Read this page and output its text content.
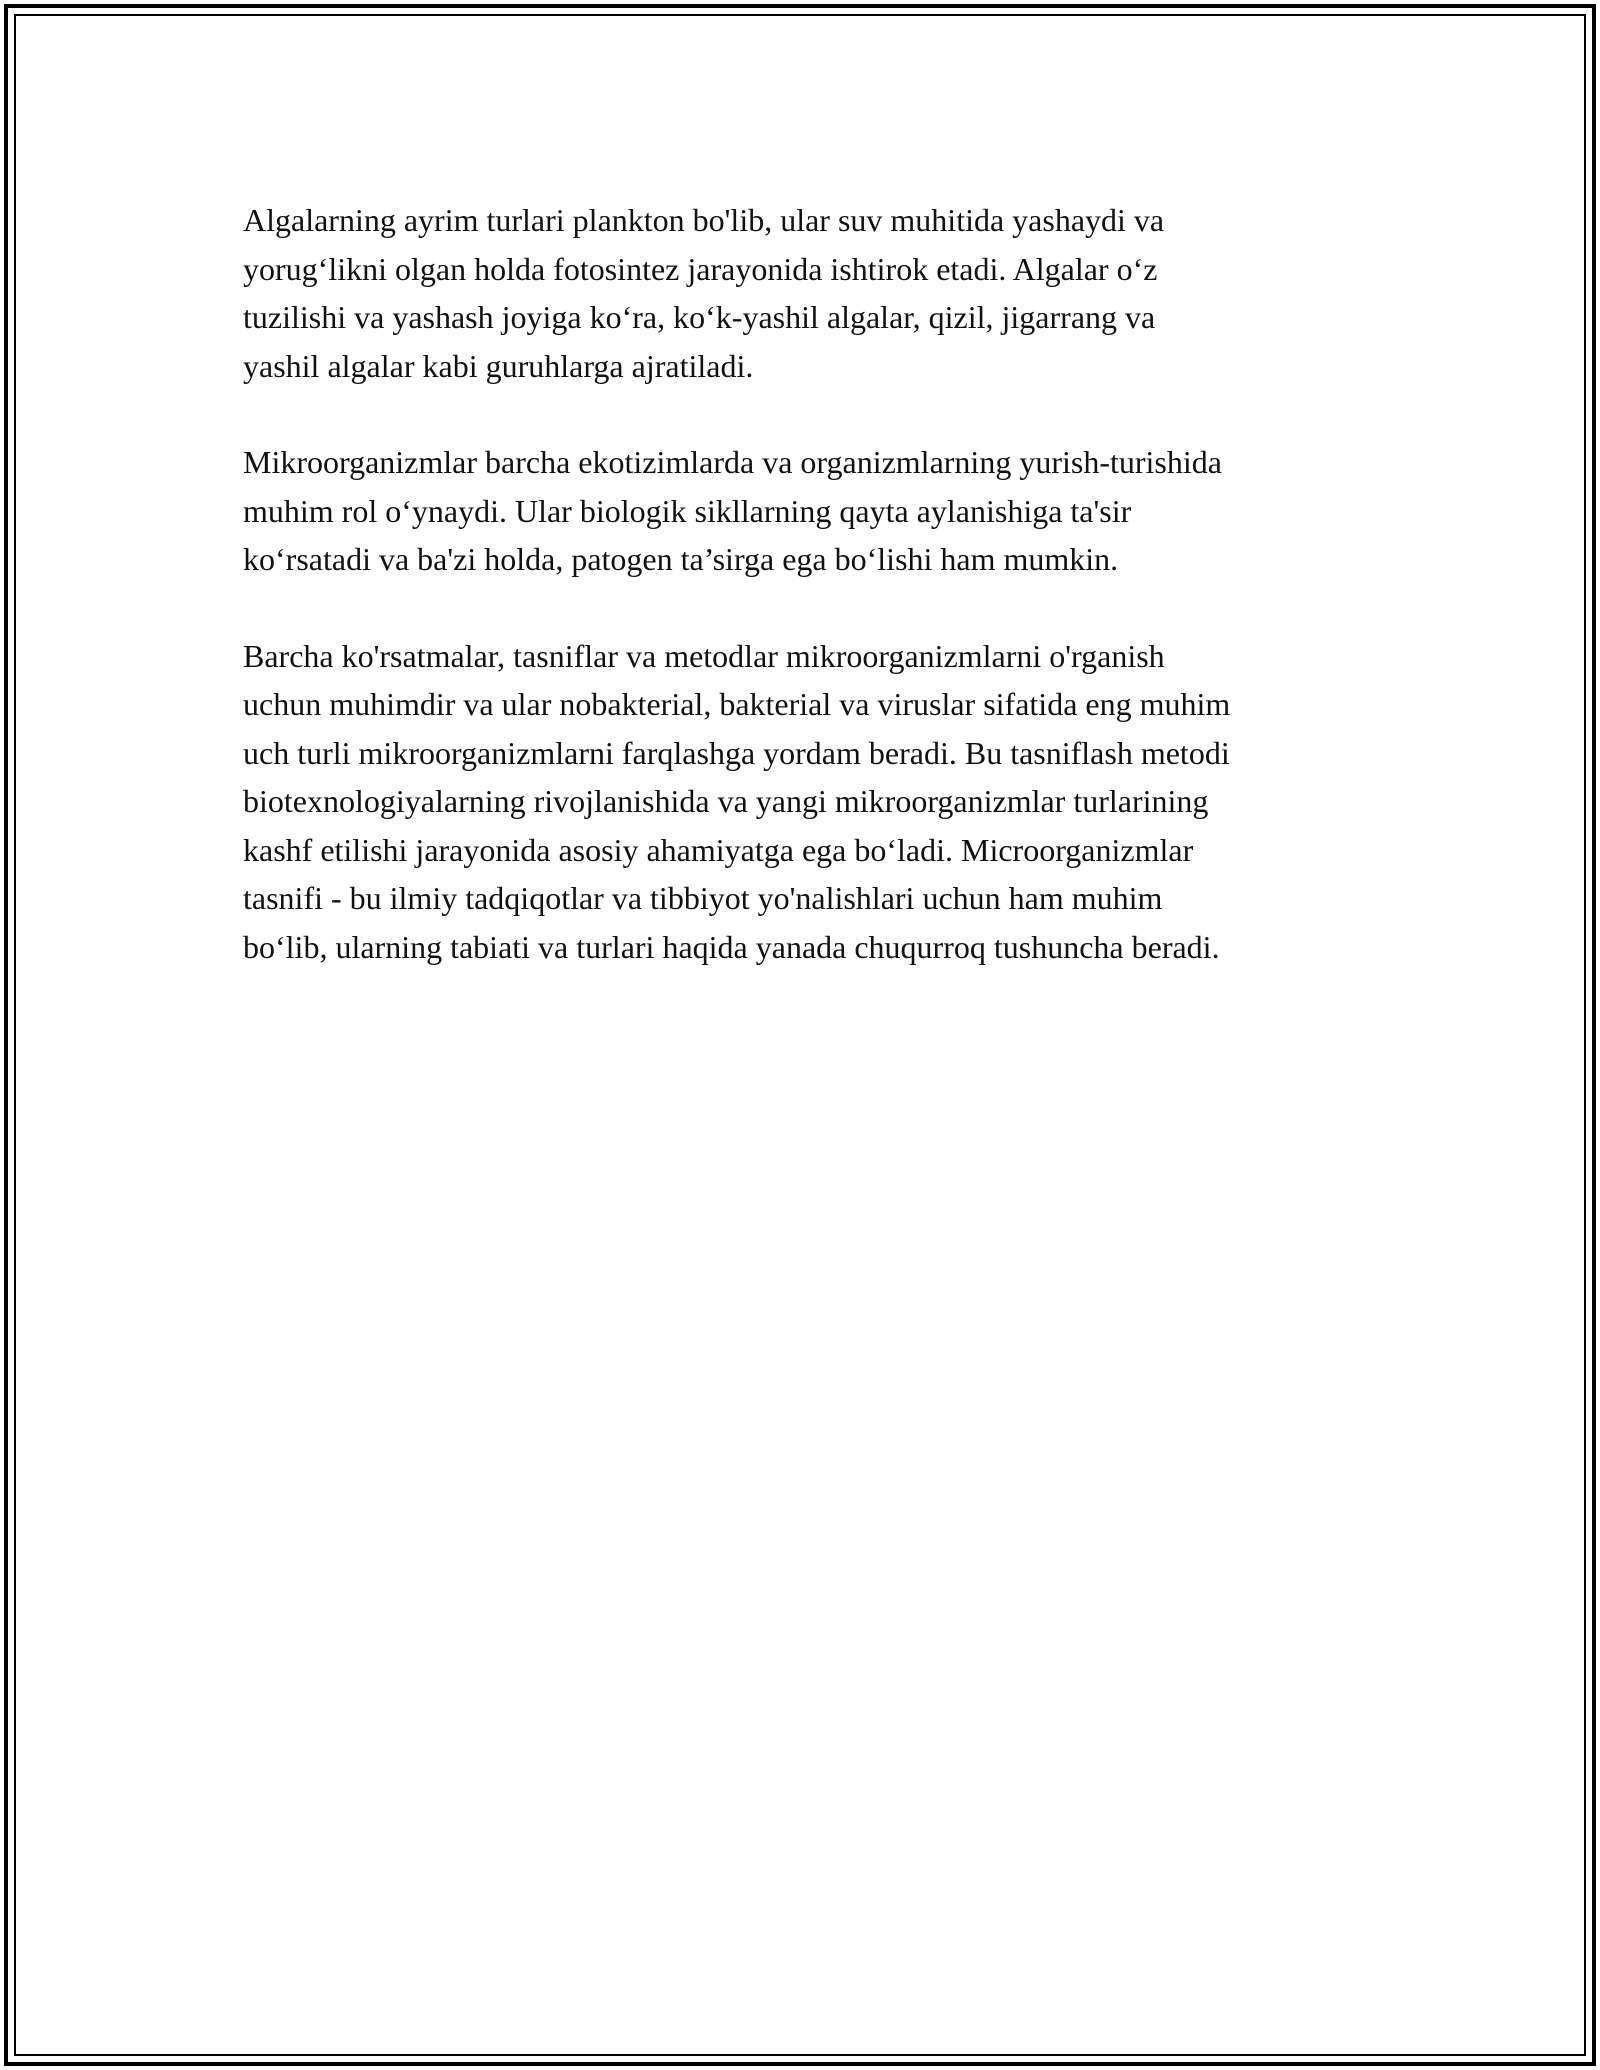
Algalarning ayrim turlari plankton bo'lib, ular suv muhitida yashaydi va
yorug‘likni olgan holda fotosintez jarayonida ishtirok etadi. Algalar o‘z
tuzilishi va yashash joyiga ko‘ra, ko‘k-yashil algalar, qizil, jigarrang va
yashil algalar kabi guruhlarga ajratiladi.

Mikroorganizmlar barcha ekotizimlarda va organizmlarning yurish-turishida
muhim rol o‘ynaydi. Ular biologik sikllarning qayta aylanishiga ta'sir
ko‘rsatadi va ba'zi holda, patogen ta’sirga ega bo‘lishi ham mumkin.

Barcha ko'rsatmalar, tasniflar va metodlar mikroorganizmlarni o'rganish
uchun muhimdir va ular nobakterial, bakterial va viruslar sifatida eng muhim
uch turli mikroorganizmlarni farqlashga yordam beradi. Bu tasniflash metodi
biotexnologiyalarning rivojlanishida va yangi mikroorganizmlar turlarining
kashf etilishi jarayonida asosiy ahamiyatga ega bo‘ladi. Microorganizmlar
tasnifi - bu ilmiy tadqiqotlar va tibbiyot yo'nalishlari uchun ham muhim
bo‘lib, ularning tabiati va turlari haqida yanada chuqurroq tushuncha beradi.
